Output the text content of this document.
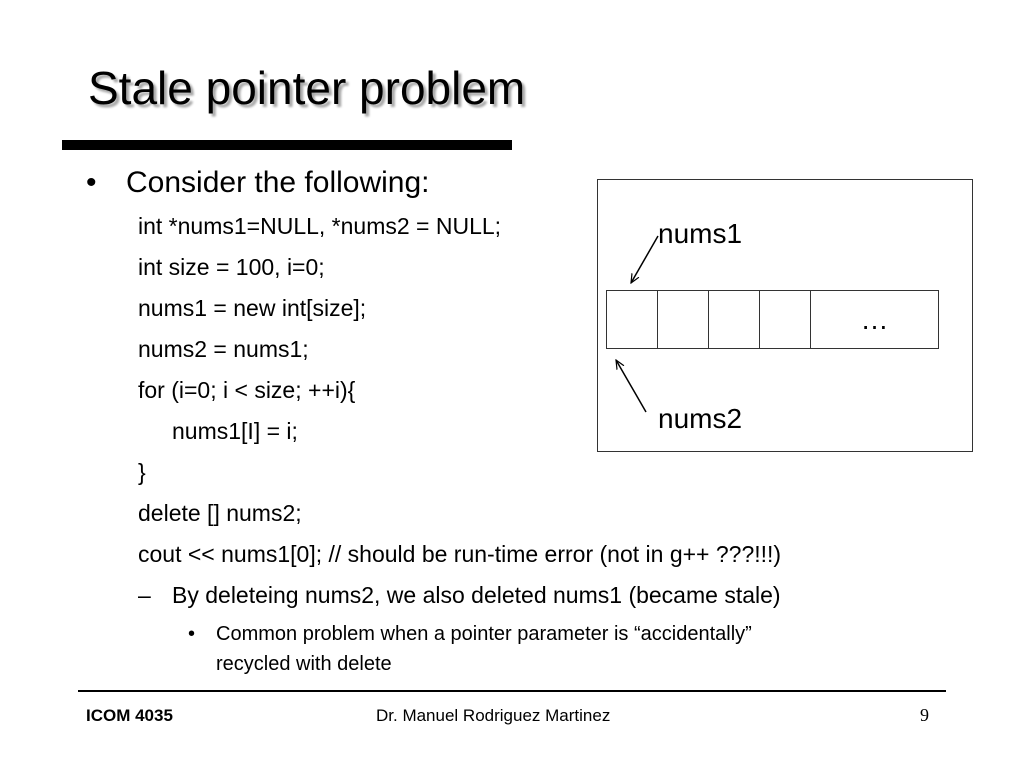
Stale pointer problem
• Consider the following:
int *nums1=NULL, *nums2 = NULL;
int size = 100, i=0;
nums1 = new int[size];
nums2 = nums1;
for (i=0; i < size; ++i){
nums1[I] = i;
}
delete [] nums2;
cout << nums1[0]; // should be run-time error (not in g++ ???!!!)
– By deleteing nums2, we also deleted nums1 (became stale)
• Common problem when a pointer parameter is “accidentally”
recycled with delete
nums1
…
nums2
ICOM 4035	Dr. Manuel Rodriguez Martinez	9
